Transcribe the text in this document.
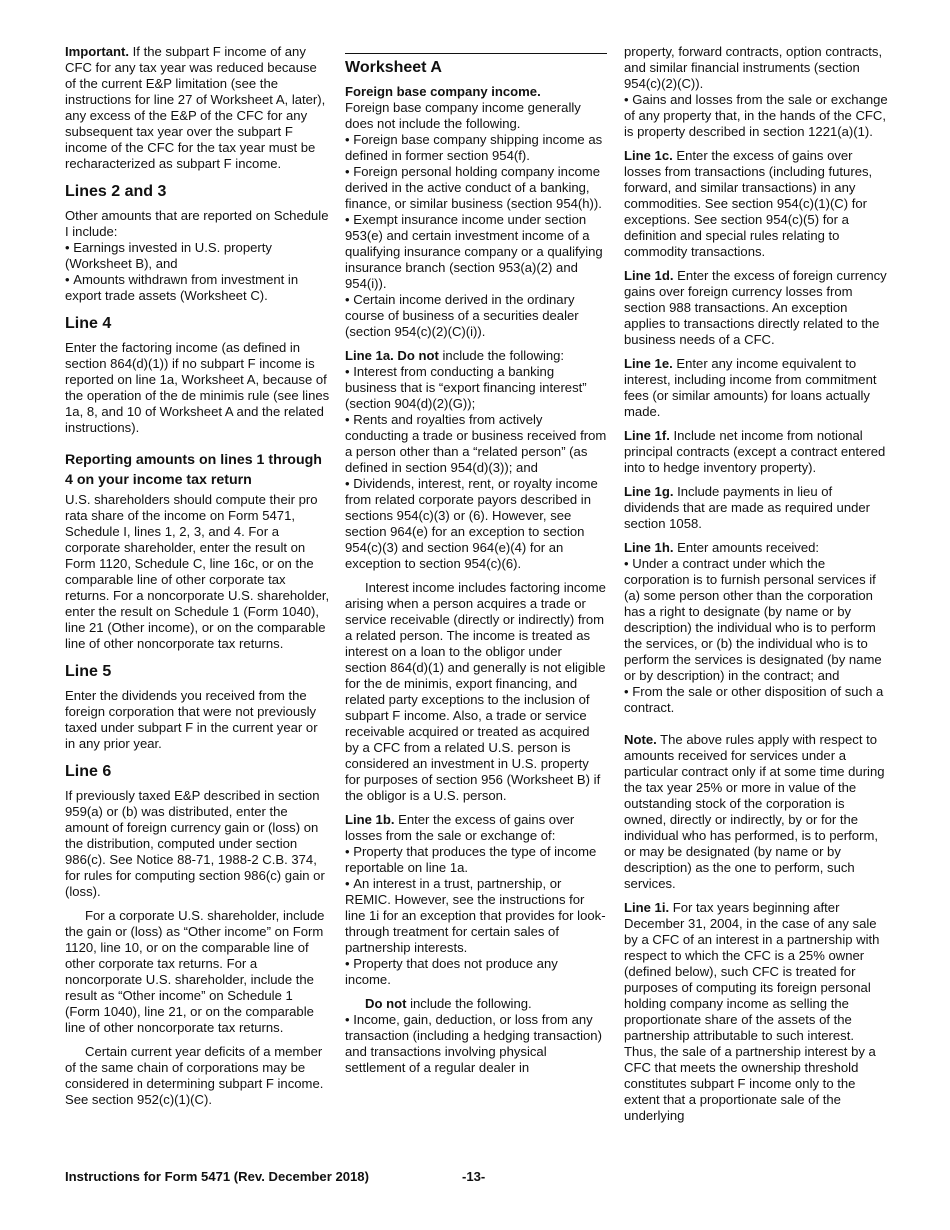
Important. If the subpart F income of any CFC for any tax year was reduced because of the current E&P limitation (see the instructions for line 27 of Worksheet A, later), any excess of the E&P of the CFC for any subsequent tax year over the subpart F income of the CFC for the tax year must be recharacterized as subpart F income.

Lines 2 and 3

Other amounts that are reported on Schedule I include:

• Earnings invested in U.S. property (Worksheet B), and

• Amounts withdrawn from investment in export trade assets (Worksheet C).

Line 4

Enter the factoring income (as defined in section 864(d)(1)) if no subpart F income is reported on line 1a, Worksheet A, because of the operation of the de minimis rule (see lines 1a, 8, and 10 of Worksheet A and the related instructions).

Reporting amounts on lines 1 through 4 on your income tax return

U.S. shareholders should compute their pro rata share of the income on Form 5471, Schedule I, lines 1, 2, 3, and 4. For a corporate shareholder, enter the result on Form 1120, Schedule C, line 16c, or on the comparable line of other corporate tax returns. For a noncorporate U.S. shareholder, enter the result on Schedule 1 (Form 1040), line 21 (Other income), or on the comparable line of other noncorporate tax returns.

Line 5

Enter the dividends you received from the foreign corporation that were not previously taxed under subpart F in the current year or in any prior year.

Line 6

If previously taxed E&P described in section 959(a) or (b) was distributed, enter the amount of foreign currency gain or (loss) on the distribution, computed under section 986(c). See Notice 88-71, 1988-2 C.B. 374, for rules for computing section 986(c) gain or (loss).

For a corporate U.S. shareholder, include the gain or (loss) as “Other income” on Form 1120, line 10, or on the comparable line of other corporate tax returns. For a noncorporate U.S. shareholder, include the result as “Other income” on Schedule 1 (Form 1040), line 21, or on the comparable line of other noncorporate tax returns.

Certain current year deficits of a member of the same chain of corporations may be considered in determining subpart F income. See section 952(c)(1)(C).

Worksheet A
Foreign base company income.

Foreign base company income generally does not include the following.

• Foreign base company shipping income as defined in former section 954(f).

• Foreign personal holding company income derived in the active conduct of a banking, finance, or similar business (section 954(h)).

• Exempt insurance income under section 953(e) and certain investment income of a qualifying insurance company or a qualifying insurance branch (section 953(a)(2) and 954(i)).

• Certain income derived in the ordinary course of business of a securities dealer (section 954(c)(2)(C)(i)).

Line 1a. Do not include the following:

• Interest from conducting a banking business that is “export financing interest” (section 904(d)(2)(G));

• Rents and royalties from actively conducting a trade or business received from a person other than a “related person” (as defined in section 954(d)(3)); and

• Dividends, interest, rent, or royalty income from related corporate payors described in sections 954(c)(3) or (6). However, see section 964(e) for an exception to section 954(c)(3) and section 964(e)(4) for an exception to section 954(c)(6).

Interest income includes factoring income arising when a person acquires a trade or service receivable (directly or indirectly) from a related person. The income is treated as interest on a loan to the obligor under section 864(d)(1) and generally is not eligible for the de minimis, export financing, and related party exceptions to the inclusion of subpart F income. Also, a trade or service receivable acquired or treated as acquired by a CFC from a related U.S. person is considered an investment in U.S. property for purposes of section 956 (Worksheet B) if the obligor is a U.S. person.

Line 1b. Enter the excess of gains over losses from the sale or exchange of:

• Property that produces the type of income reportable on line 1a.

• An interest in a trust, partnership, or REMIC. However, see the instructions for line 1i for an exception that provides for look-through treatment for certain sales of partnership interests.

• Property that does not produce any income.

Do not include the following.

• Income, gain, deduction, or loss from any transaction (including a hedging transaction) and transactions involving physical settlement of a regular dealer in

property, forward contracts, option contracts, and similar financial instruments (section 954(c)(2)(C)).

• Gains and losses from the sale or exchange of any property that, in the hands of the CFC, is property described in section 1221(a)(1).

Line 1c. Enter the excess of gains over losses from transactions (including futures, forward, and similar transactions) in any commodities. See section 954(c)(1)(C) for exceptions. See section 954(c)(5) for a definition and special rules relating to commodity transactions.

Line 1d. Enter the excess of foreign currency gains over foreign currency losses from section 988 transactions. An exception applies to transactions directly related to the business needs of a CFC.

Line 1e. Enter any income equivalent to interest, including income from commitment fees (or similar amounts) for loans actually made.

Line 1f. Include net income from notional principal contracts (except a contract entered into to hedge inventory property).

Line 1g. Include payments in lieu of dividends that are made as required under section 1058.

Line 1h. Enter amounts received:

• Under a contract under which the corporation is to furnish personal services if (a) some person other than the corporation has a right to designate (by name or by description) the individual who is to perform the services, or (b) the individual who is to perform the services is designated (by name or by description) in the contract; and

• From the sale or other disposition of such a contract.

Note. The above rules apply with respect to amounts received for services under a particular contract only if at some time during the tax year 25% or more in value of the outstanding stock of the corporation is owned, directly or indirectly, by or for the individual who has performed, is to perform, or may be designated (by name or by description) as the one to perform, such services.

Line 1i. For tax years beginning after December 31, 2004, in the case of any sale by a CFC of an interest in a partnership with respect to which the CFC is a 25% owner (defined below), such CFC is treated for purposes of computing its foreign personal holding company income as selling the proportionate share of the assets of the partnership attributable to such interest. Thus, the sale of a partnership interest by a CFC that meets the ownership threshold constitutes subpart F income only to the extent that a proportionate sale of the underlying

Instructions for Form 5471 (Rev. December 2018)	-13-
